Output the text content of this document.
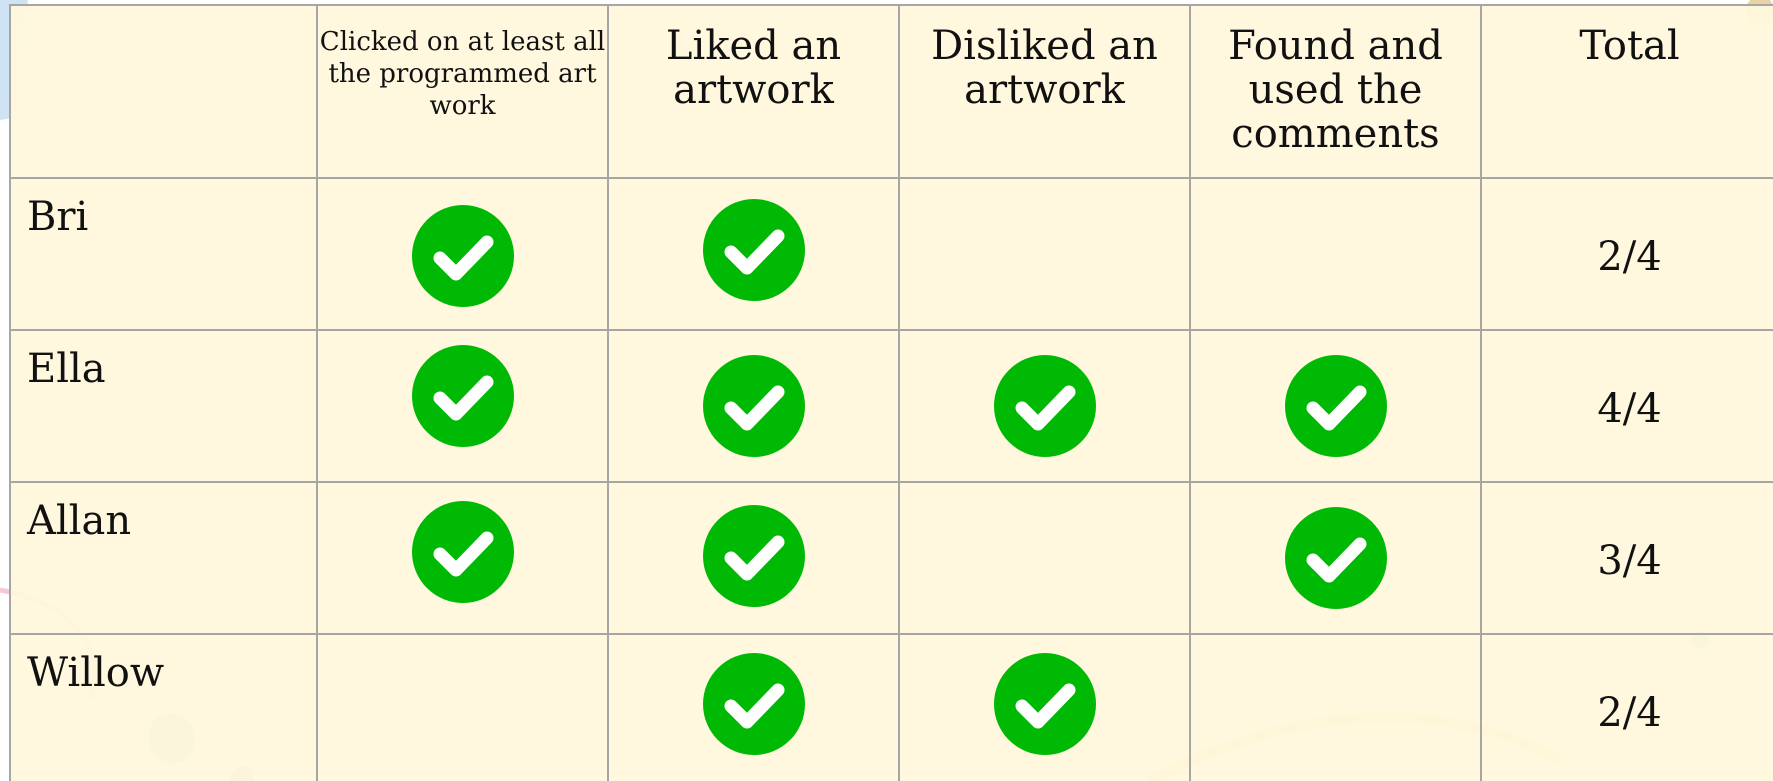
	Clicked on at least all the programmed art work	Liked an artwork	Disliked an artwork	Found and used the comments	Total

Bri					2/4

Ella					4/4

Allan					3/4

Willow					2/4
